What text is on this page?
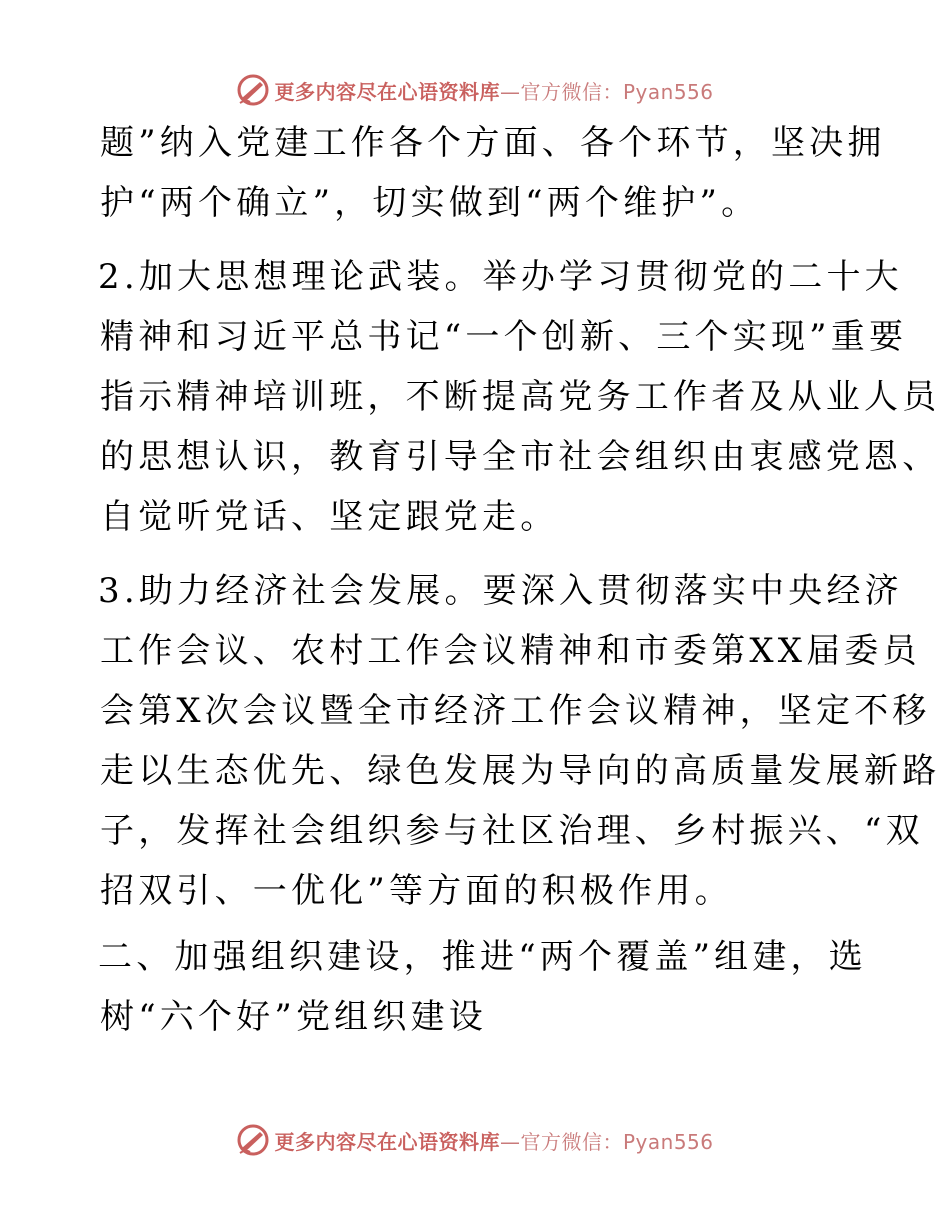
更多内容尽在心语资料库—官方微信：Pyan556
题”纳入党建工作各个方面、各个环节，坚决拥
护“两个确立”，切实做到“两个维护”。
2.加大思想理论武装。举办学习贯彻党的二十大
精神和习近平总书记“一个创新、三个实现”重要
指示精神培训班，不断提高党务工作者及从业人员
的思想认识，教育引导全市社会组织由衷感党恩、
自觉听党话、坚定跟党走。
3.助力经济社会发展。要深入贯彻落实中央经济
工作会议、农村工作会议精神和市委第XX届委员
会第X次会议暨全市经济工作会议精神，坚定不移
走以生态优先、绿色发展为导向的高质量发展新路
子，发挥社会组织参与社区治理、乡村振兴、“双
招双引、一优化”等方面的积极作用。
二、加强组织建设，推进“两个覆盖”组建，选
树“六个好”党组织建设
更多内容尽在心语资料库—官方微信：Pyan556
